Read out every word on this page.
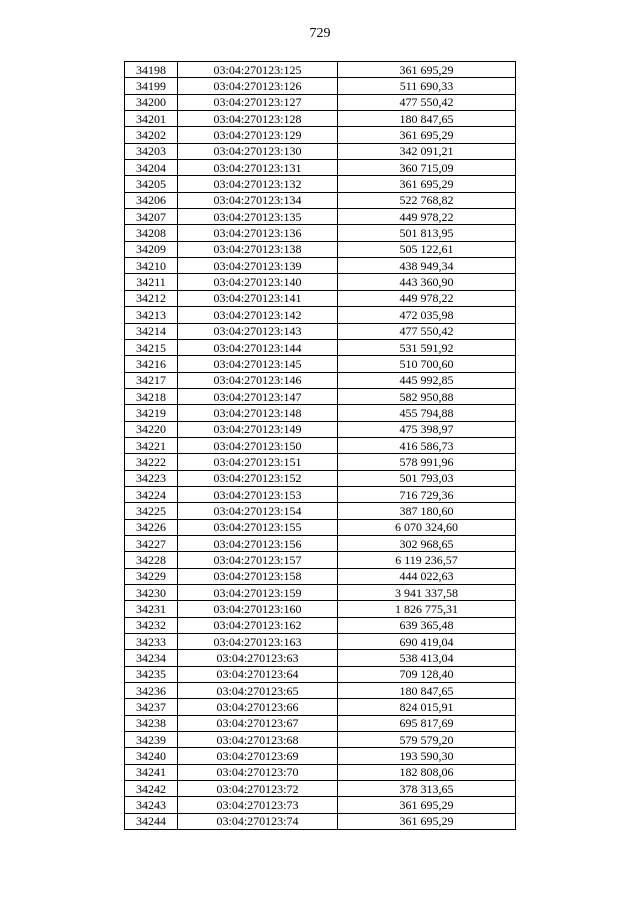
729
34198	03:04:270123:125	361 695,29
34199	03:04:270123:126	511 690,33
34200	03:04:270123:127	477 550,42
34201	03:04:270123:128	180 847,65
34202	03:04:270123:129	361 695,29
34203	03:04:270123:130	342 091,21
34204	03:04:270123:131	360 715,09
34205	03:04:270123:132	361 695,29
34206	03:04:270123:134	522 768,82
34207	03:04:270123:135	449 978,22
34208	03:04:270123:136	501 813,95
34209	03:04:270123:138	505 122,61
34210	03:04:270123:139	438 949,34
34211	03:04:270123:140	443 360,90
34212	03:04:270123:141	449 978,22
34213	03:04:270123:142	472 035,98
34214	03:04:270123:143	477 550,42
34215	03:04:270123:144	531 591,92
34216	03:04:270123:145	510 700,60
34217	03:04:270123:146	445 992,85
34218	03:04:270123:147	582 950,88
34219	03:04:270123:148	455 794,88
34220	03:04:270123:149	475 398,97
34221	03:04:270123:150	416 586,73
34222	03:04:270123:151	578 991,96
34223	03:04:270123:152	501 793,03
34224	03:04:270123:153	716 729,36
34225	03:04:270123:154	387 180,60
34226	03:04:270123:155	6 070 324,60
34227	03:04:270123:156	302 968,65
34228	03:04:270123:157	6 119 236,57
34229	03:04:270123:158	444 022,63
34230	03:04:270123:159	3 941 337,58
34231	03:04:270123:160	1 826 775,31
34232	03:04:270123:162	639 365,48
34233	03:04:270123:163	690 419,04
34234	03:04:270123:63	538 413,04
34235	03:04:270123:64	709 128,40
34236	03:04:270123:65	180 847,65
34237	03:04:270123:66	824 015,91
34238	03:04:270123:67	695 817,69
34239	03:04:270123:68	579 579,20
34240	03:04:270123:69	193 590,30
34241	03:04:270123:70	182 808,06
34242	03:04:270123:72	378 313,65
34243	03:04:270123:73	361 695,29
34244	03:04:270123:74	361 695,29
